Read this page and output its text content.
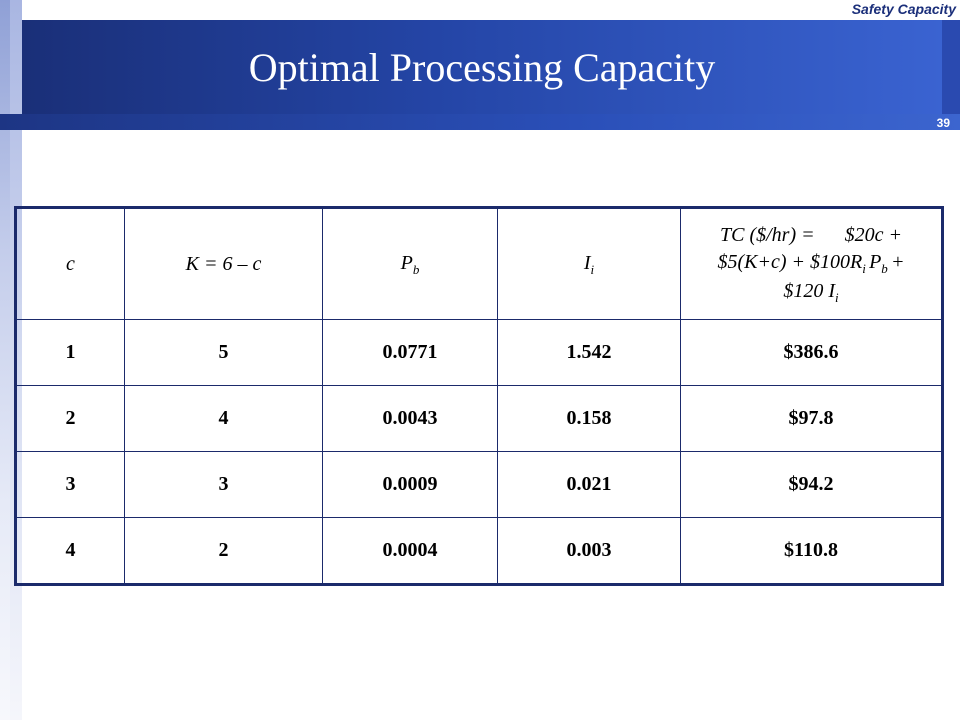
Safety Capacity
Optimal Processing Capacity
39
c	K = 6 – c	$P_b$	$I_i$	TC ($/hr) =      $20c +
$5(K+c) + $\$100R_i$ $P_b$ +
$120 $I_i$
1	5	0.0771	1.542	$386.6
2	4	0.0043	0.158	$97.8
3	3	0.0009	0.021	$94.2
4	2	0.0004	0.003	$110.8
